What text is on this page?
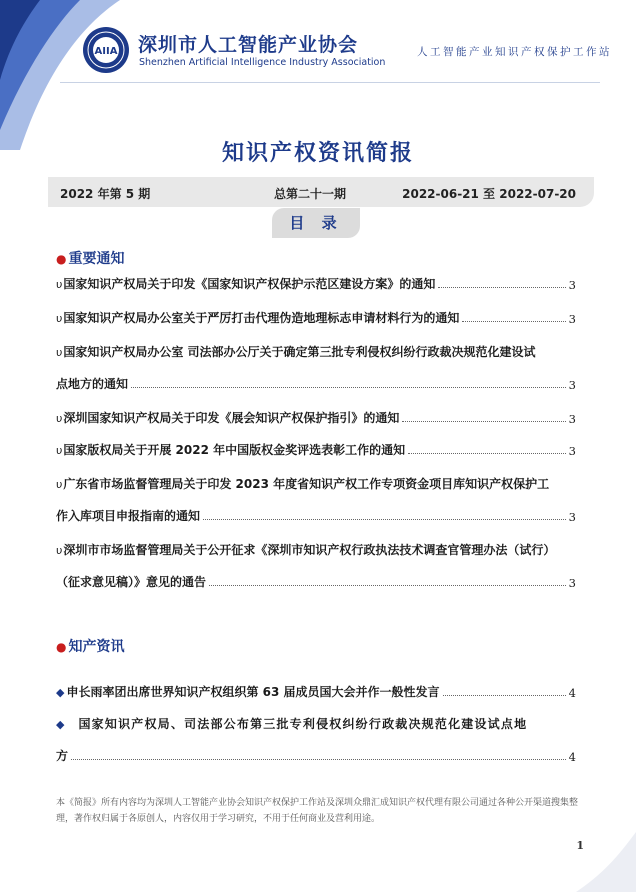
AIIA 深圳市人工智能产业协会
Shenzhen Artificial Intelligence Industry Association
人工智能产业知识产权保护工作站
知识产权资讯简报
2022 年第 5 期	总第二十一期	2022-06-21 至 2022-07-20
目 录
● 重要通知
υ国家知识产权局关于印发《国家知识产权保护示范区建设方案》的通知	3
υ国家知识产权局办公室关于严厉打击代理伪造地理标志申请材料行为的通知	3
υ国家知识产权局办公室 司法部办公厅关于确定第三批专利侵权纠纷行政裁决规范化建设试
点地方的通知	3
υ深圳国家知识产权局关于印发《展会知识产权保护指引》的通知	3
υ国家版权局关于开展 2022 年中国版权金奖评选表彰工作的通知	3
υ广东省市场监督管理局关于印发 2023 年度省知识产权工作专项资金项目库知识产权保护工
作入库项目申报指南的通知	3
υ深圳市市场监督管理局关于公开征求《深圳市知识产权行政执法技术调查官管理办法（试行）
（征求意见稿）》意见的通告	3
● 知产资讯
◆ 申长雨率团出席世界知识产权组织第 63 届成员国大会并作一般性发言	4
◆ 国家知识产权局、司法部公布第三批专利侵权纠纷行政裁决规范化建设试点地
方	4
本《简报》所有内容均为深圳人工智能产业协会知识产权保护工作站及深圳众鼎汇成知识产权代理有限公司通过各种公开渠道搜集整理，著作权归属于各原创人，内容仅用于学习研究，不用于任何商业及营利用途。
1
